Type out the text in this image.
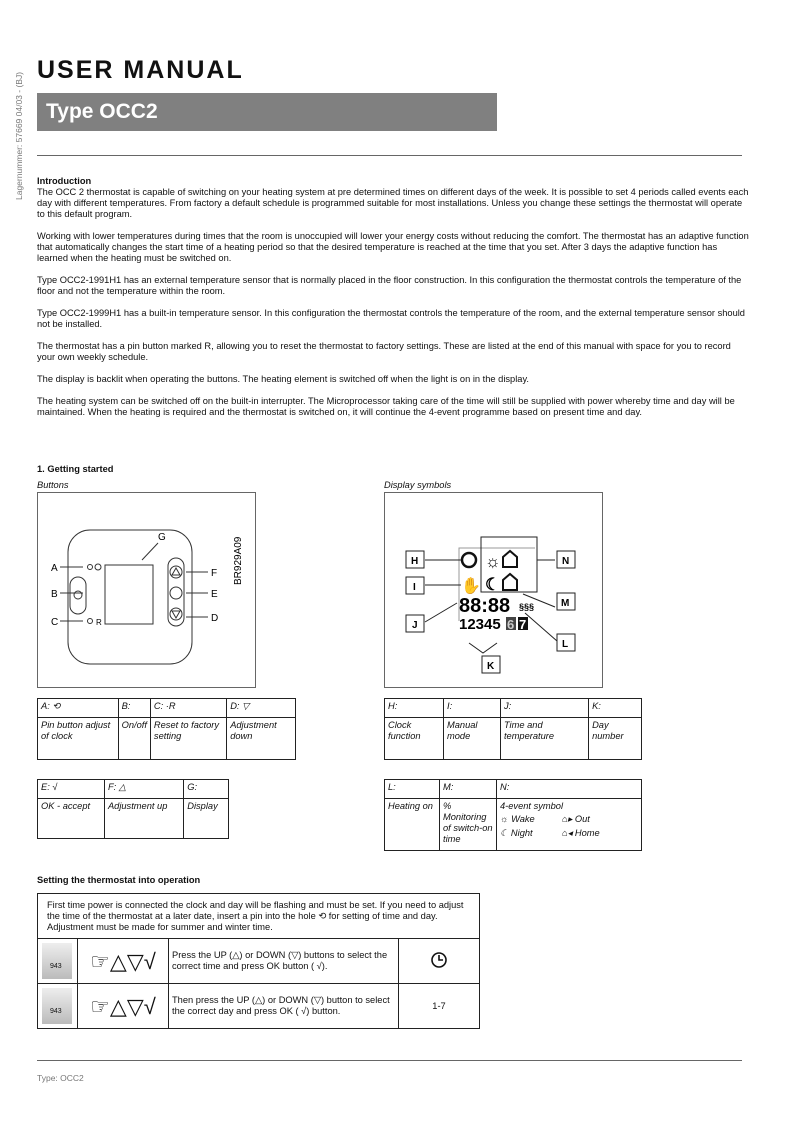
Lagernummer: 57669 04/03 - (BJ)
USER MANUAL
Type OCC2
Introduction

The OCC 2 thermostat is capable of switching on your heating system at pre determined times on different days of the week. It is possible to set 4 periods called events each day with different temperatures. From factory a default schedule is programmed suitable for most installations. Unless you change these settings the thermostat will operate to this default program.

Working with lower temperatures during times that the room is unoccupied will lower your energy costs without reducing the comfort. The thermostat has an adaptive function that automatically changes the start time of a heating period so that the desired temperature is reached at the time that you set. After 3 days the adaptive function has learned when the heating must be switched on.

Type OCC2-1991H1 has an external temperature sensor that is normally placed in the floor construction. In this configuration the thermostat controls the temperature of the floor and not the temperature within the room.

Type OCC2-1999H1 has a built-in temperature sensor. In this configuration the thermostat controls the temperature of the room, and the external temperature sensor should not be installed.

The thermostat has a pin button marked R, allowing you to reset the thermostat to factory settings. These are listed at the end of this manual with space for you to record your own weekly schedule.

The display is backlit when operating the buttons. The heating element is switched off when the light is on in the display.

The heating system can be switched off on the built-in interrupter. The Microprocessor taking care of the time will still be supplied with power whereby time and day will be maintained. When the heating is required and the thermostat is switched on, it will continue the 4-event programme based on present time and day.

1. Getting started
Buttons	Display symbols
A
B
C	D
E
F
G
R
BR929A09	☼
✋ ☾
88:88 §§§
12345 6 7
H
I
J
K
L
M
N
A: ⟲	B:	C: ·R	D: ▽
Pin button adjust of clock	On/off	Reset to factory setting	Adjustment down
E: √	F: △	G:
OK - accept	Adjustment up	Display
H:	I:	J:	K:
Clock function	Manual mode	Time and temperature	Day number
L:	M:	N:
Heating on	% Monitoring of switch-on time	4-event symbol
☼ Wake ⌂▸ Out
☾ Night ⌂◂ Home
Setting the thermostat into operation
First time power is connected the clock and day will be flashing and must be set. If you need to adjust the time of the thermostat at a later date, insert a pin into the hole ⟲ for setting of time and day. Adjustment must be made for summer and winter time.			

943	☞△▽√	Press the UP (△) or DOWN (▽) buttons to select the correct time and press OK button ( √).	

943	☞△▽√	Then press the UP (△) or DOWN (▽) button to select the correct day and press OK ( √) button.	1-7
Type: OCC2
